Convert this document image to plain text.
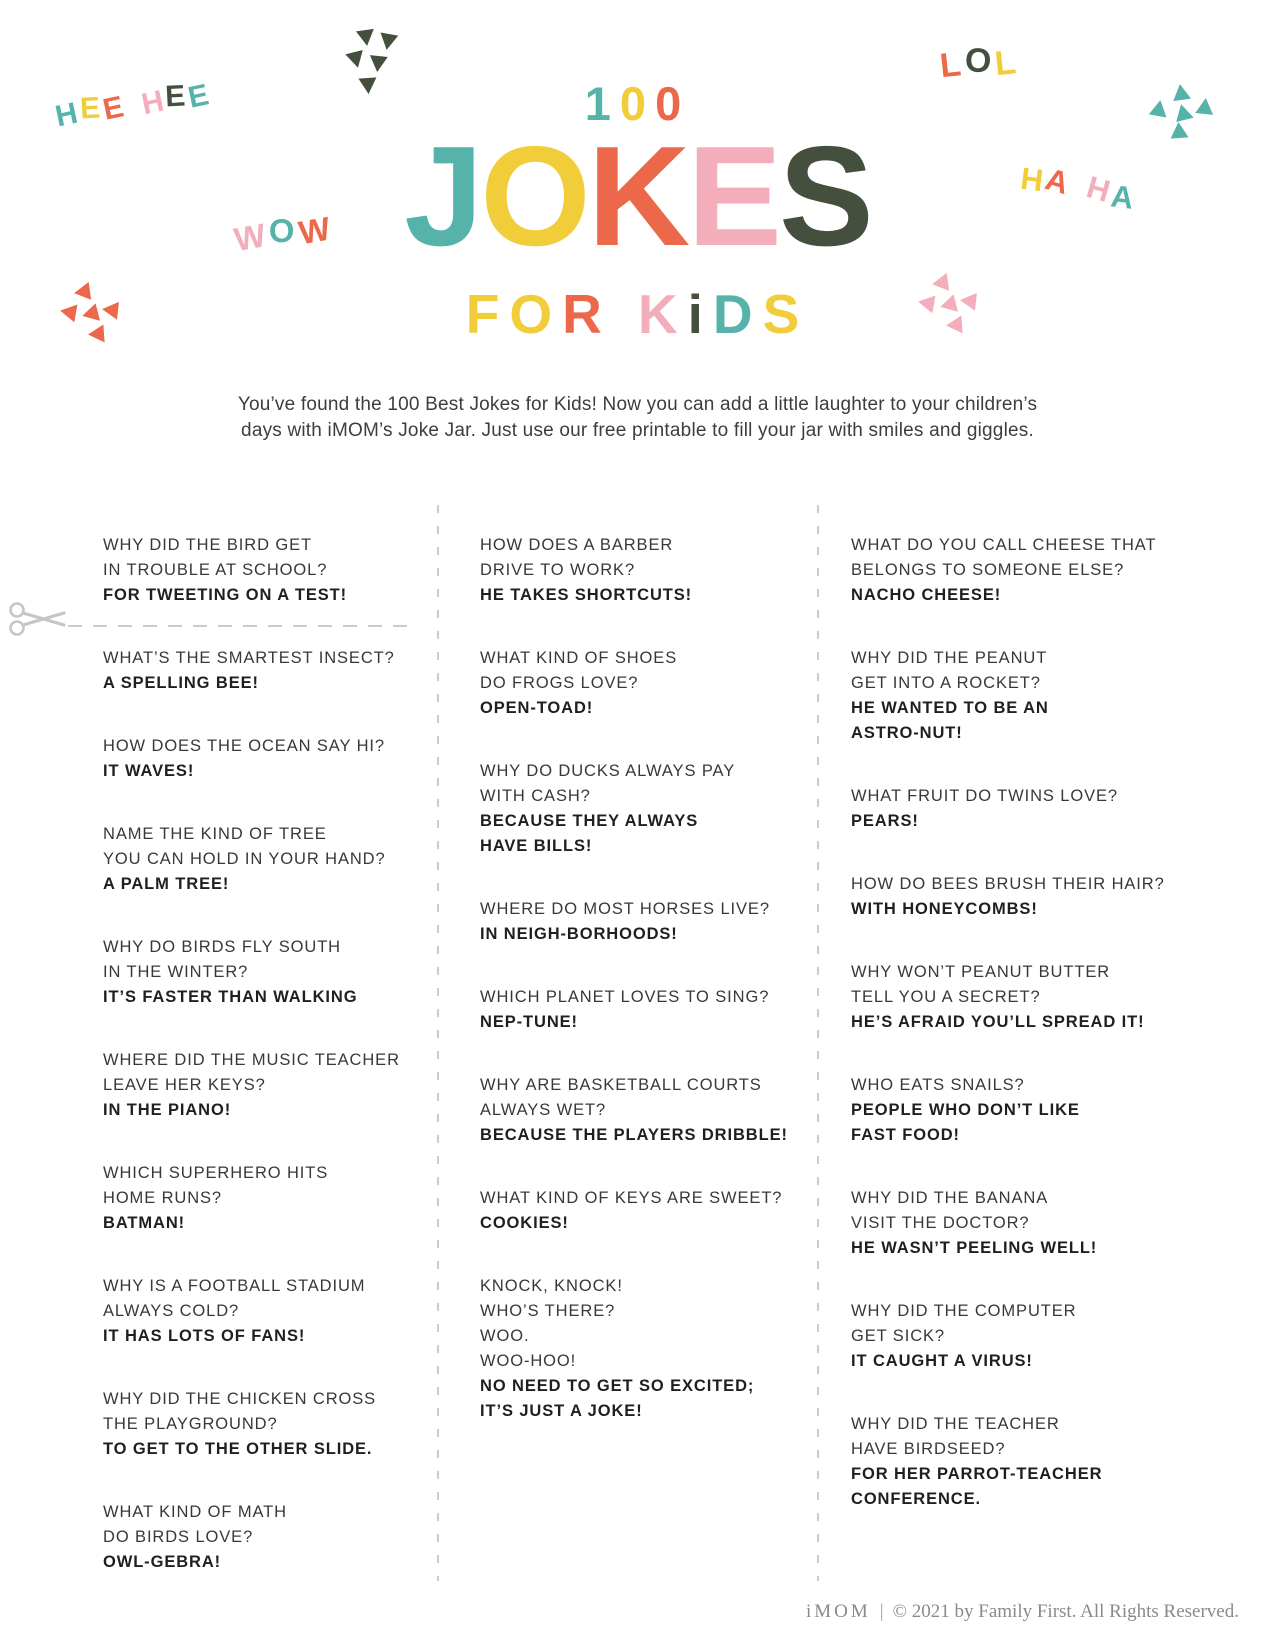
HEE HEE
WOW
LOL
HA HA
100
JOKES
FOR KiDS
You’ve found the 100 Best Jokes for Kids! Now you can add a little laughter to your children’s
days with iMOM’s Joke Jar. Just use our free printable to fill your jar with smiles and giggles.
WHY DID THE BIRD GET
IN TROUBLE AT SCHOOL?
FOR TWEETING ON A TEST!
WHAT’S THE SMARTEST INSECT?
A SPELLING BEE!
HOW DOES THE OCEAN SAY HI?
IT WAVES!
NAME THE KIND OF TREE
YOU CAN HOLD IN YOUR HAND?
A PALM TREE!
WHY DO BIRDS FLY SOUTH
IN THE WINTER?
IT’S FASTER THAN WALKING
WHERE DID THE MUSIC TEACHER
LEAVE HER KEYS?
IN THE PIANO!
WHICH SUPERHERO HITS
HOME RUNS?
BATMAN!
WHY IS A FOOTBALL STADIUM
ALWAYS COLD?
IT HAS LOTS OF FANS!
WHY DID THE CHICKEN CROSS
THE PLAYGROUND?
TO GET TO THE OTHER SLIDE.
WHAT KIND OF MATH
DO BIRDS LOVE?
OWL-GEBRA!
HOW DOES A BARBER
DRIVE TO WORK?
HE TAKES SHORTCUTS!
WHAT KIND OF SHOES
DO FROGS LOVE?
OPEN-TOAD!
WHY DO DUCKS ALWAYS PAY
WITH CASH?
BECAUSE THEY ALWAYS
HAVE BILLS!
WHERE DO MOST HORSES LIVE?
IN NEIGH-BORHOODS!
WHICH PLANET LOVES TO SING?
NEP-TUNE!
WHY ARE BASKETBALL COURTS
ALWAYS WET?
BECAUSE THE PLAYERS DRIBBLE!
WHAT KIND OF KEYS ARE SWEET?
COOKIES!
KNOCK, KNOCK!
WHO’S THERE?
WOO.
WOO-HOO!
NO NEED TO GET SO EXCITED;
IT’S JUST A JOKE!
WHAT DO YOU CALL CHEESE THAT
BELONGS TO SOMEONE ELSE?
NACHO CHEESE!
WHY DID THE PEANUT
GET INTO A ROCKET?
HE WANTED TO BE AN
ASTRO-NUT!
WHAT FRUIT DO TWINS LOVE?
PEARS!
HOW DO BEES BRUSH THEIR HAIR?
WITH HONEYCOMBS!
WHY WON’T PEANUT BUTTER
TELL YOU A SECRET?
HE’S AFRAID YOU’LL SPREAD IT!
WHO EATS SNAILS?
PEOPLE WHO DON’T LIKE
FAST FOOD!
WHY DID THE BANANA
VISIT THE DOCTOR?
HE WASN’T PEELING WELL!
WHY DID THE COMPUTER
GET SICK?
IT CAUGHT A VIRUS!
WHY DID THE TEACHER
HAVE BIRDSEED?
FOR HER PARROT-TEACHER
CONFERENCE.
iMOM | © 2021 by Family First. All Rights Reserved.
